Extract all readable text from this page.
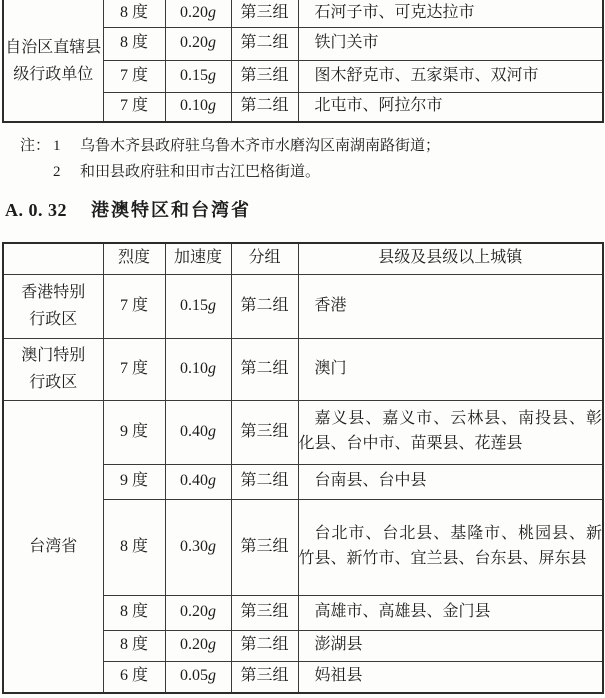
自治区直辖县
级行政单位	8 度	0.20g	第三组	石河子市、可克达拉市
	8 度	0.20g	第二组	铁门关市
	7 度	0.15g	第三组	图木舒克市、五家渠市、双河市
	7 度	0.10g	第二组	北屯市、阿拉尔市
注： 1	乌鲁木齐县政府驻乌鲁木齐市水磨沟区南湖南路街道；
2	和田县政府驻和田市古江巴格街道。
A. 0. 32 港澳特区和台湾省
	烈度	加速度	分组	县级及县级以上城镇

香港特别
行政区	7 度	0.15g	第二组	香港

澳门特别
行政区	7 度	0.10g	第二组	澳门

台湾省	9 度	0.40g	第三组	嘉义县、嘉义市、云林县、南投县、彰化县、台中市、苗栗县、花莲县
	9 度	0.40g	第二组	台南县、台中县
	8 度	0.30g	第三组	台北市、台北县、基隆市、桃园县、新竹县、新竹市、宜兰县、台东县、屏东县
	8 度	0.20g	第三组	高雄市、高雄县、金门县
	8 度	0.20g	第二组	澎湖县
	6 度	0.05g	第三组	妈祖县
